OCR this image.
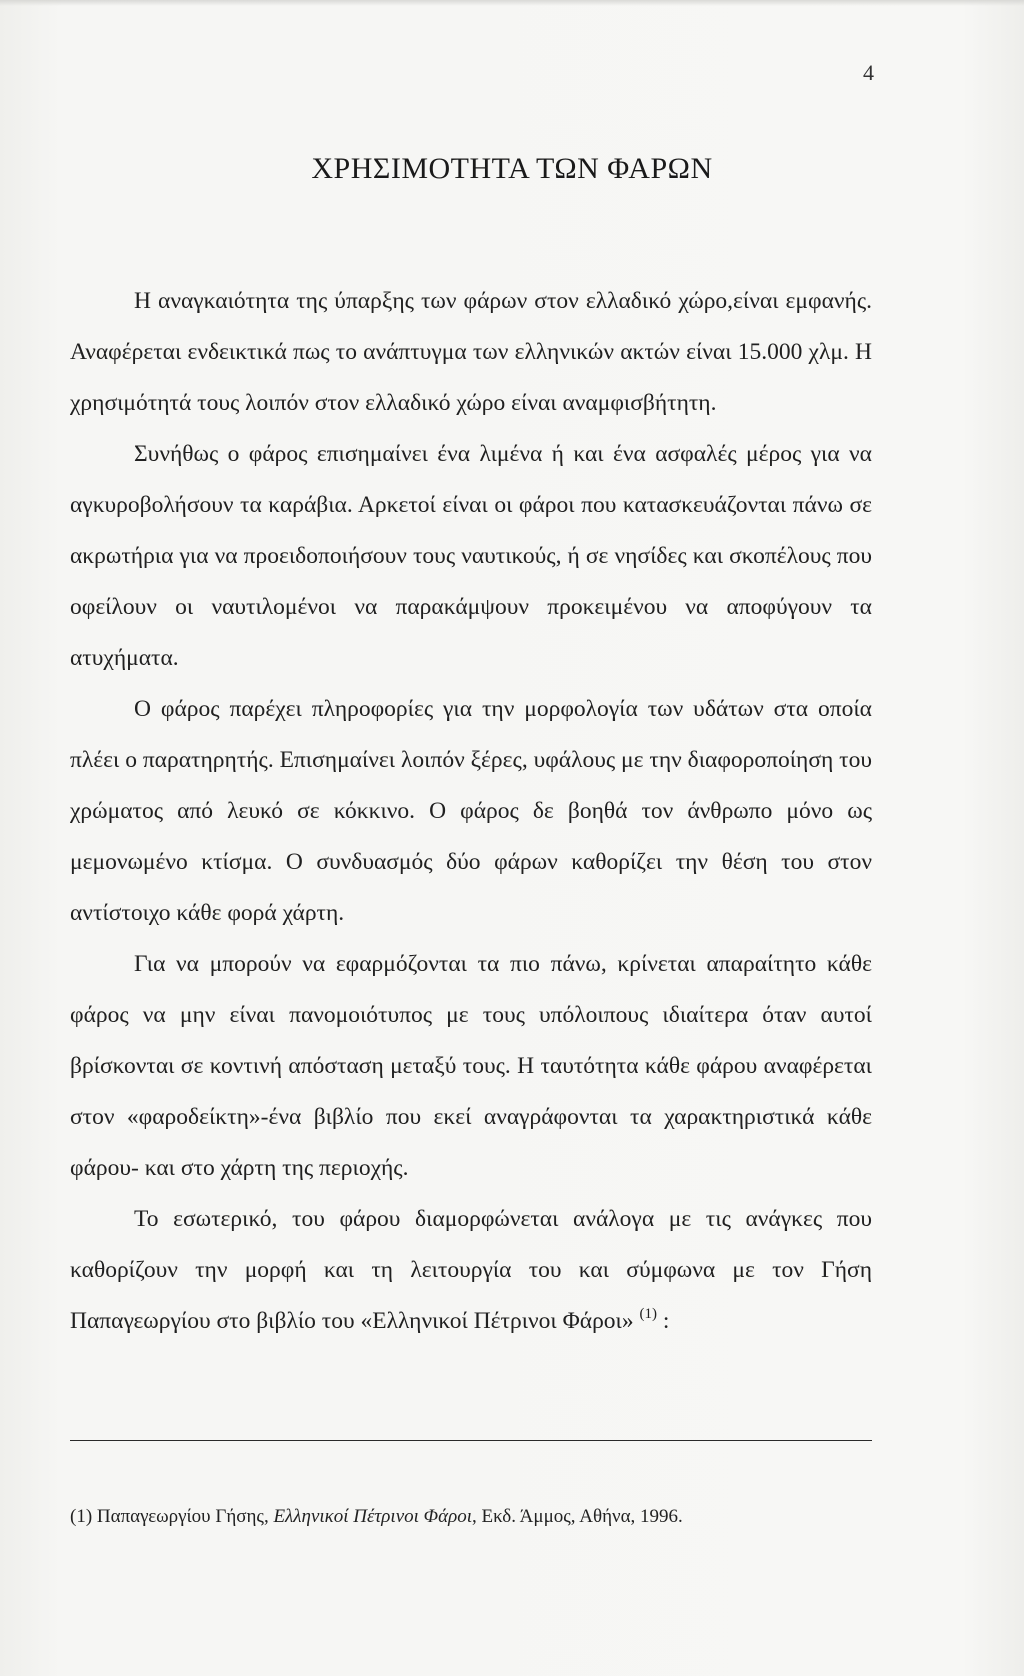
4
ΧΡΗΣΙΜΟΤΗΤΑ ΤΩΝ ΦΑΡΩΝ

Η αναγκαιότητα της ύπαρξης των φάρων στον ελλαδικό χώρο,είναι εμφανής. Αναφέρεται ενδεικτικά πως το ανάπτυγμα των ελληνικών ακτών είναι 15.000 χλμ. Η χρησιμότητά τους λοιπόν στον ελλαδικό χώρο είναι αναμφισβήτητη.

Συνήθως ο φάρος επισημαίνει ένα λιμένα ή και ένα ασφαλές μέρος για να αγκυροβολήσουν τα καράβια. Αρκετοί είναι οι φάροι που κατασκευάζονται πάνω σε ακρωτήρια για να προειδοποιήσουν τους ναυτικούς, ή σε νησίδες και σκοπέλους που οφείλουν οι ναυτιλομένοι να παρακάμψουν προκειμένου να αποφύγουν τα ατυχήματα.

Ο φάρος παρέχει πληροφορίες για την μορφολογία των υδάτων στα οποία πλέει ο παρατηρητής. Επισημαίνει λοιπόν ξέρες, υφάλους με την διαφοροποίηση του χρώματος από λευκό σε κόκκινο. Ο φάρος δε βοηθά τον άνθρωπο μόνο ως μεμονωμένο κτίσμα. Ο συνδυασμός δύο φάρων καθορίζει την θέση του στον αντίστοιχο κάθε φορά χάρτη.

Για να μπορούν να εφαρμόζονται τα πιο πάνω, κρίνεται απαραίτητο κάθε φάρος να μην είναι πανομοιότυπος με τους υπόλοιπους ιδιαίτερα όταν αυτοί βρίσκονται σε κοντινή απόσταση μεταξύ τους. Η ταυτότητα κάθε φάρου αναφέρεται στον «φαροδείκτη»-ένα βιβλίο που εκεί αναγράφονται τα χαρακτηριστικά κάθε φάρου- και στο χάρτη της περιοχής.

Το εσωτερικό, του φάρου διαμορφώνεται ανάλογα με τις ανάγκες που καθορίζουν την μορφή και τη λειτουργία του και σύμφωνα με τον Γήση Παπαγεωργίου στο βιβλίο του «Ελληνικοί Πέτρινοι Φάροι» $^{(1)}$ :

(1) Παπαγεωργίου Γήσης, Ελληνικοί Πέτρινοι Φάροι, Εκδ. Άμμος, Αθήνα, 1996.
